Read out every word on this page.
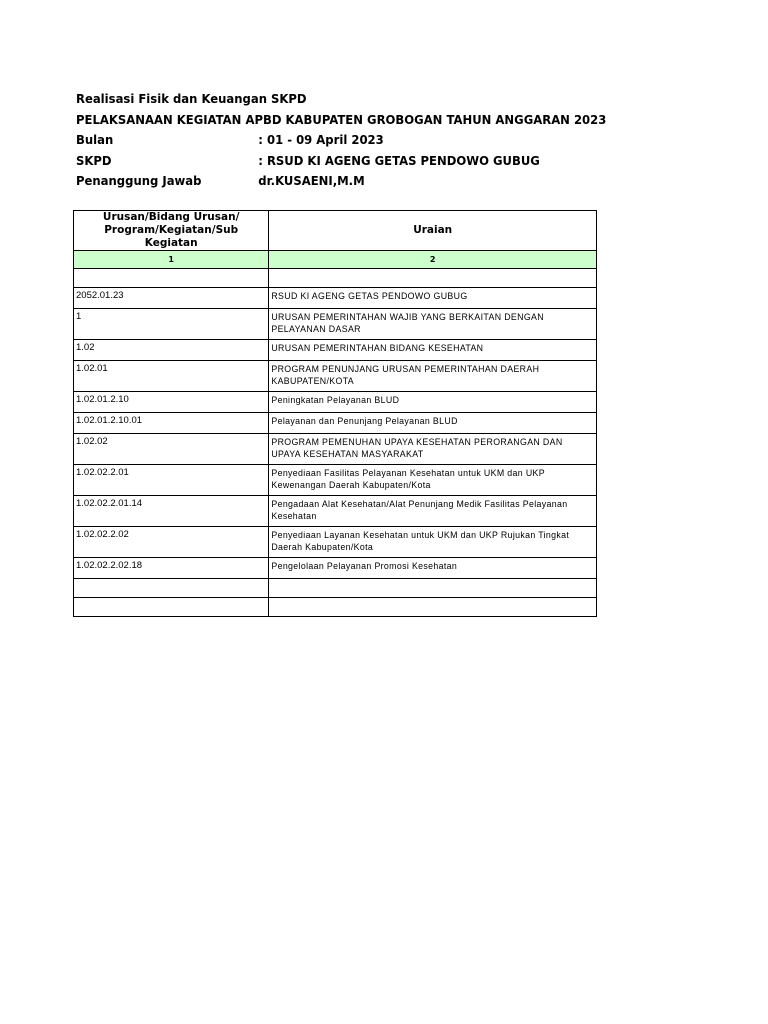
Realisasi Fisik dan Keuangan SKPD
PELAKSANAAN KEGIATAN APBD KABUPATEN GROBOGAN TAHUN ANGGARAN 2023
Bulan	: 01 - 09 April 2023
SKPD	: RSUD KI AGENG GETAS PENDOWO GUBUG
Penanggung Jawab	dr.KUSAENI,M.M
Urusan/Bidang Urusan/ Program/Kegiatan/Sub Kegiatan	Uraian
1	2

2052.01.23	RSUD KI AGENG GETAS PENDOWO GUBUG
1	URUSAN PEMERINTAHAN WAJIB YANG BERKAITAN DENGAN PELAYANAN DASAR
1.02	URUSAN PEMERINTAHAN BIDANG KESEHATAN
1.02.01	PROGRAM PENUNJANG URUSAN PEMERINTAHAN DAERAH KABUPATEN/KOTA
1.02.01.2.10	Peningkatan Pelayanan BLUD
1.02.01.2.10.01	Pelayanan dan Penunjang Pelayanan BLUD
1.02.02	PROGRAM PEMENUHAN UPAYA KESEHATAN PERORANGAN DAN UPAYA KESEHATAN MASYARAKAT
1.02.02.2.01	Penyediaan Fasilitas Pelayanan Kesehatan untuk UKM dan UKP Kewenangan Daerah Kabupaten/Kota
1.02.02.2.01.14	Pengadaan Alat Kesehatan/Alat Penunjang Medik Fasilitas Pelayanan Kesehatan
1.02.02.2.02	Penyediaan Layanan Kesehatan untuk UKM dan UKP Rujukan Tingkat Daerah Kabupaten/Kota
1.02.02.2.02.18	Pengelolaan Pelayanan Promosi Kesehatan
